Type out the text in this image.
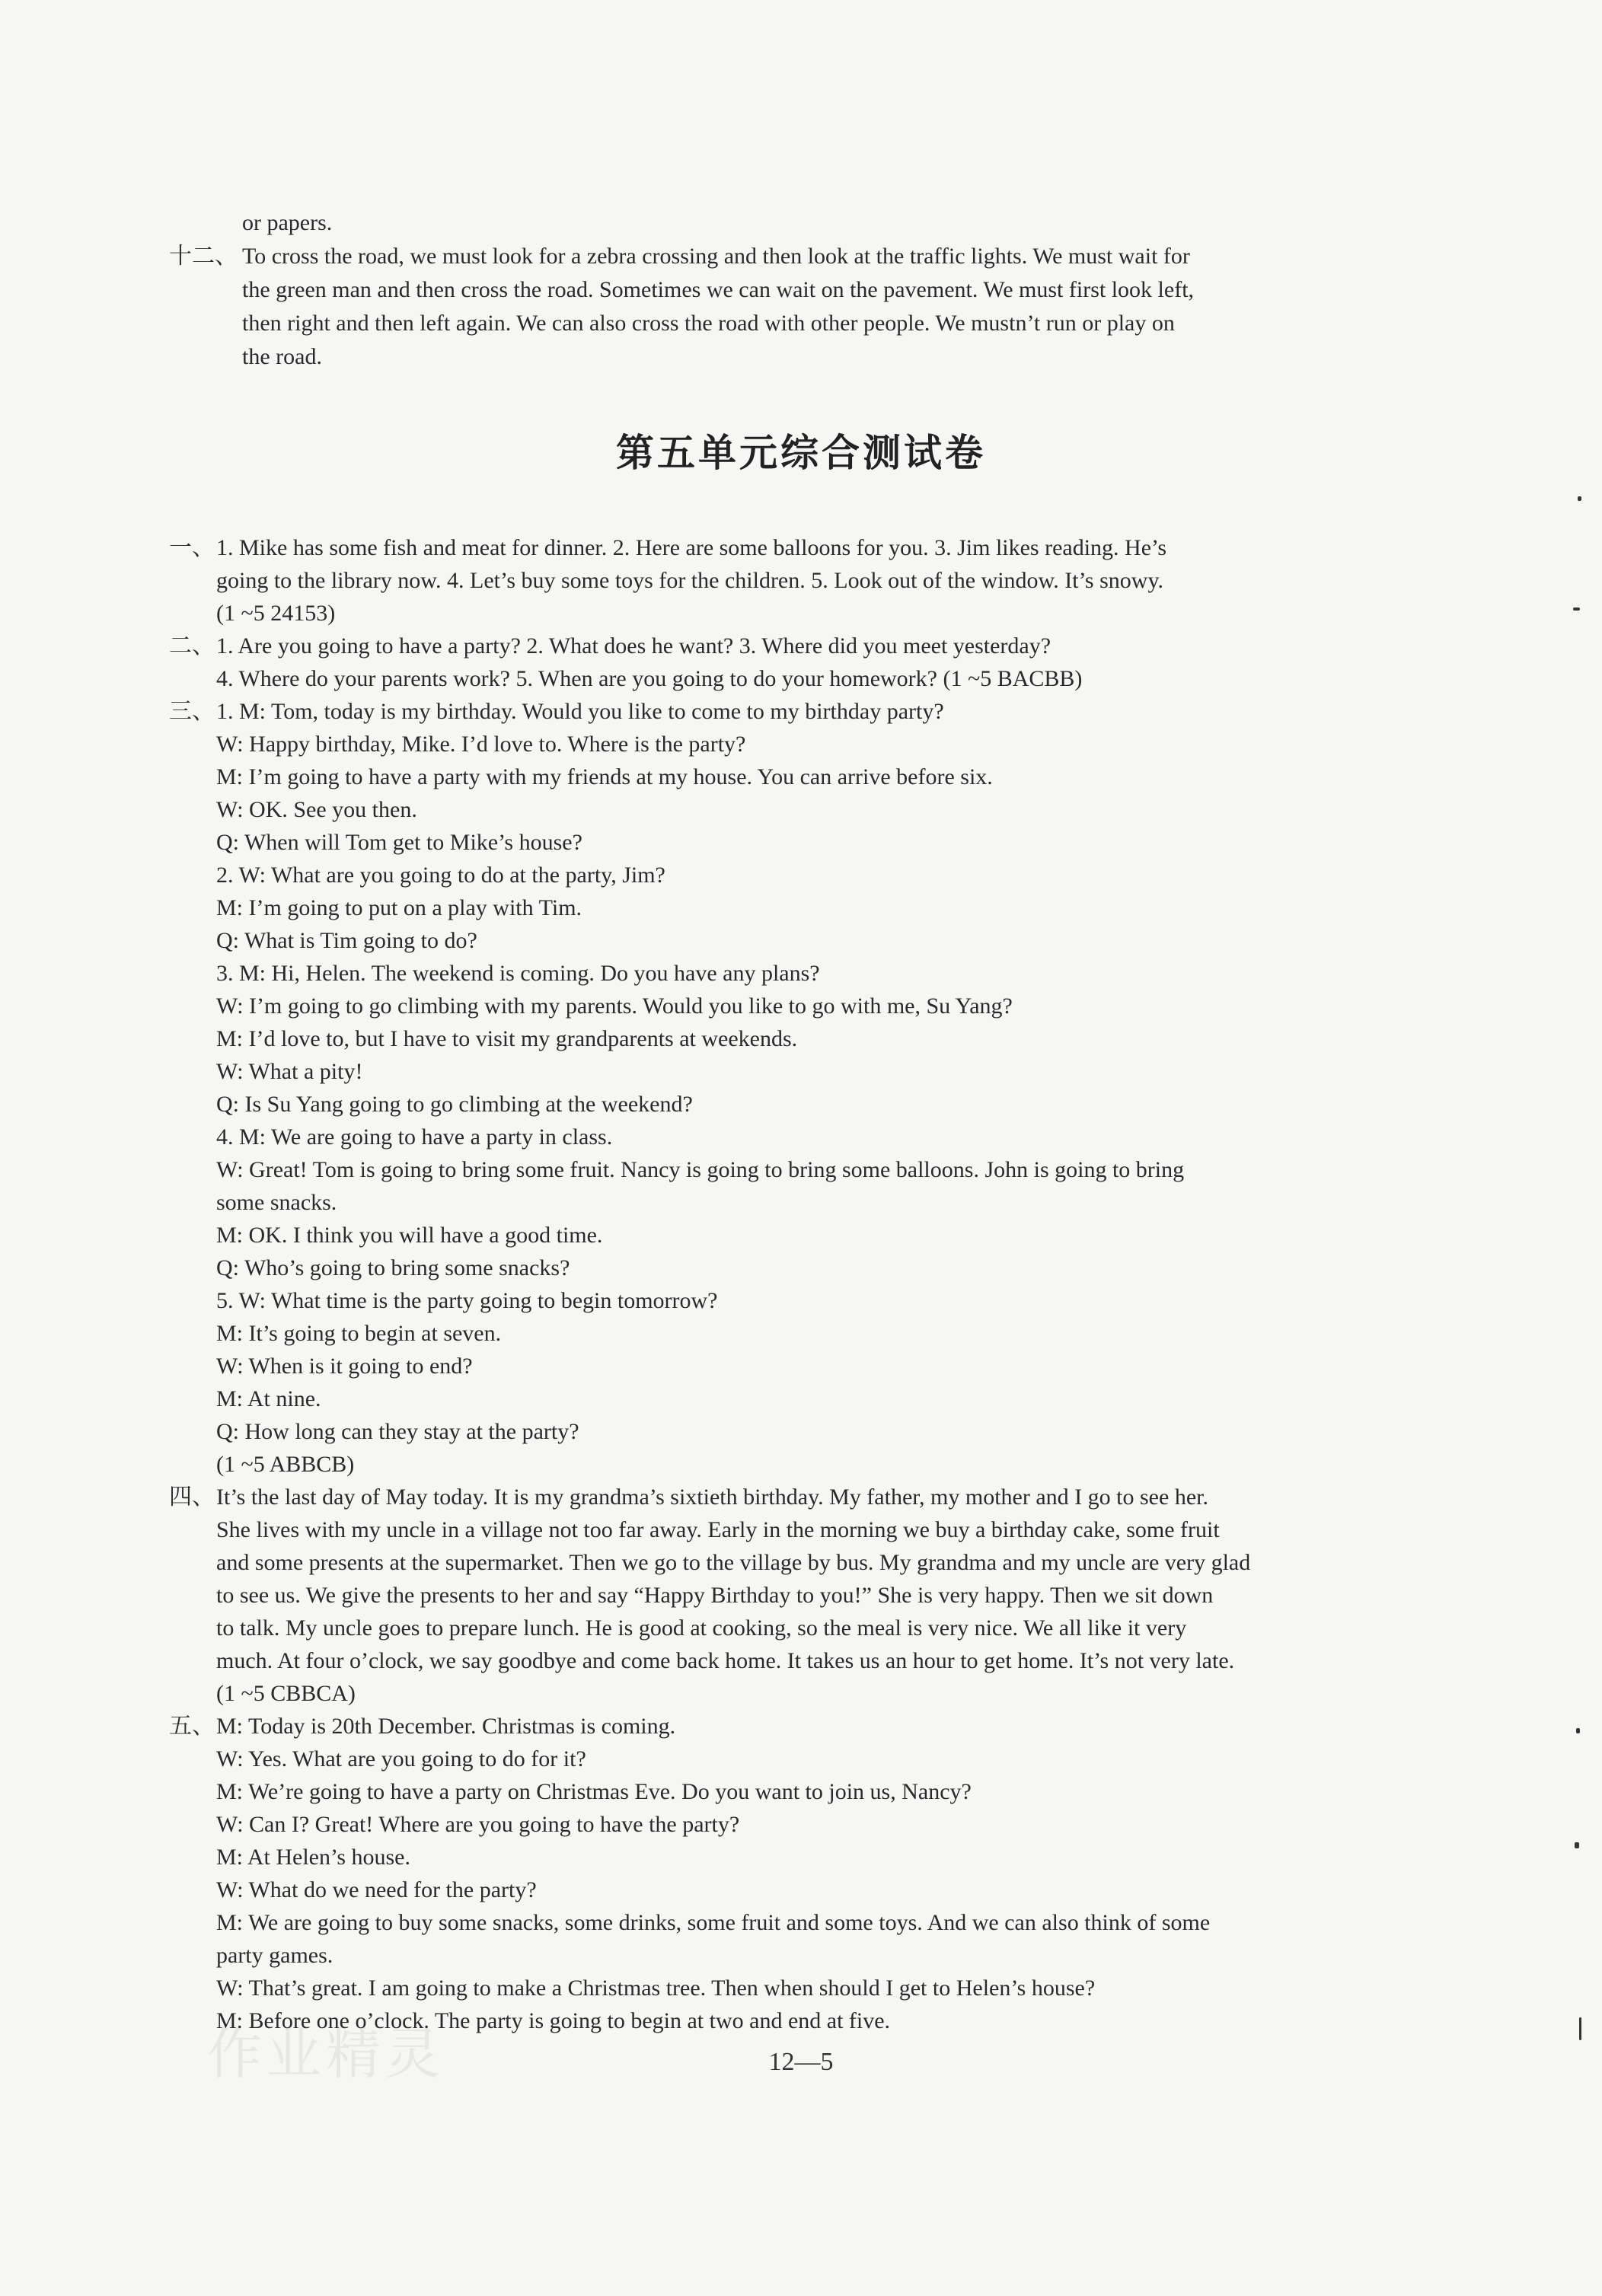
or papers.
十二、 To cross the road, we must look for a zebra crossing and then look at the traffic lights. We must wait for
the green man and then cross the road. Sometimes we can wait on the pavement. We must first look left,
then right and then left again. We can also cross the road with other people. We mustn’t run or play on
the road.
第五单元综合测试卷
一、 1. Mike has some fish and meat for dinner. 2. Here are some balloons for you. 3. Jim likes reading. He’s
going to the library now. 4. Let’s buy some toys for the children. 5. Look out of the window. It’s snowy.
(1 ~5 24153)
二、 1. Are you going to have a party? 2. What does he want? 3. Where did you meet yesterday?
4. Where do your parents work? 5. When are you going to do your homework? (1 ~5 BACBB)
三、 1. M: Tom, today is my birthday. Would you like to come to my birthday party?
W: Happy birthday, Mike. I’d love to. Where is the party?
M: I’m going to have a party with my friends at my house. You can arrive before six.
W: OK. See you then.
Q: When will Tom get to Mike’s house?
2. W: What are you going to do at the party, Jim?
M: I’m going to put on a play with Tim.
Q: What is Tim going to do?
3. M: Hi, Helen. The weekend is coming. Do you have any plans?
W: I’m going to go climbing with my parents. Would you like to go with me, Su Yang?
M: I’d love to, but I have to visit my grandparents at weekends.
W: What a pity!
Q: Is Su Yang going to go climbing at the weekend?
4. M: We are going to have a party in class.
W: Great! Tom is going to bring some fruit. Nancy is going to bring some balloons. John is going to bring
some snacks.
M: OK. I think you will have a good time.
Q: Who’s going to bring some snacks?
5. W: What time is the party going to begin tomorrow?
M: It’s going to begin at seven.
W: When is it going to end?
M: At nine.
Q: How long can they stay at the party?
(1 ~5 ABBCB)
四、 It’s the last day of May today. It is my grandma’s sixtieth birthday. My father, my mother and I go to see her.
She lives with my uncle in a village not too far away. Early in the morning we buy a birthday cake, some fruit
and some presents at the supermarket. Then we go to the village by bus. My grandma and my uncle are very glad
to see us. We give the presents to her and say “Happy Birthday to you!” She is very happy. Then we sit down
to talk. My uncle goes to prepare lunch. He is good at cooking, so the meal is very nice. We all like it very
much. At four o’clock, we say goodbye and come back home. It takes us an hour to get home. It’s not very late.
(1 ~5 CBBCA)
五、 M: Today is 20th December. Christmas is coming.
W: Yes. What are you going to do for it?
M: We’re going to have a party on Christmas Eve. Do you want to join us, Nancy?
W: Can I? Great! Where are you going to have the party?
M: At Helen’s house.
W: What do we need for the party?
M: We are going to buy some snacks, some drinks, some fruit and some toys. And we can also think of some
party games.
W: That’s great. I am going to make a Christmas tree. Then when should I get to Helen’s house?
M: Before one o’clock. The party is going to begin at two and end at five.
作业精灵	12—5
